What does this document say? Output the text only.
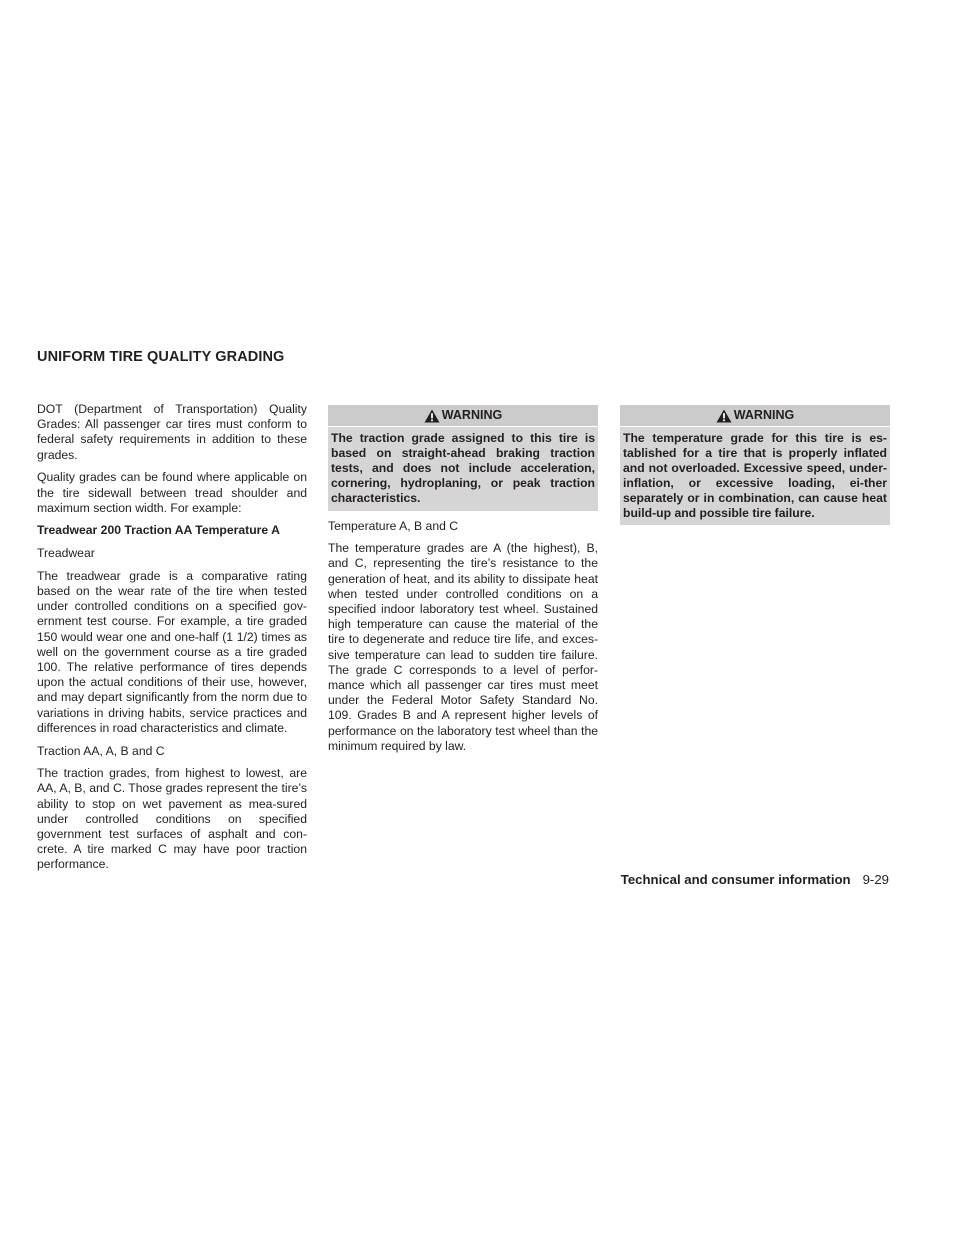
UNIFORM TIRE QUALITY GRADING

DOT (Department of Transportation) Quality Grades: All passenger car tires must conform to federal safety requirements in addition to these grades.

Quality grades can be found where applicable on the tire sidewall between tread shoulder and maximum section width. For example:

Treadwear 200 Traction AA Temperature A

Treadwear

The treadwear grade is a comparative rating based on the wear rate of the tire when tested under controlled conditions on a specified gov-ernment test course. For example, a tire graded 150 would wear one and one-half (1 1/2) times as well on the government course as a tire graded 100. The relative performance of tires depends upon the actual conditions of their use, however, and may depart significantly from the norm due to variations in driving habits, service practices and differences in road characteristics and climate.

Traction AA, A, B and C

The traction grades, from highest to lowest, are AA, A, B, and C. Those grades represent the tire’s ability to stop on wet pavement as mea-sured under controlled conditions on specified government test surfaces of asphalt and con-crete. A tire marked C may have poor traction performance.

WARNING
The traction grade assigned to this tire is based on straight-ahead braking traction tests, and does not include acceleration, cornering, hydroplaning, or peak traction characteristics.

Temperature A, B and C

The temperature grades are A (the highest), B, and C, representing the tire’s resistance to the generation of heat, and its ability to dissipate heat when tested under controlled conditions on a specified indoor laboratory test wheel. Sustained high temperature can cause the material of the tire to degenerate and reduce tire life, and exces-sive temperature can lead to sudden tire failure. The grade C corresponds to a level of perfor-mance which all passenger car tires must meet under the Federal Motor Safety Standard No. 109. Grades B and A represent higher levels of performance on the laboratory test wheel than the minimum required by law.

WARNING
The temperature grade for this tire is es-tablished for a tire that is properly inflated and not overloaded. Excessive speed, under-inflation, or excessive loading, ei-ther separately or in combination, can cause heat build-up and possible tire failure.
Technical and consumer information 9-29
